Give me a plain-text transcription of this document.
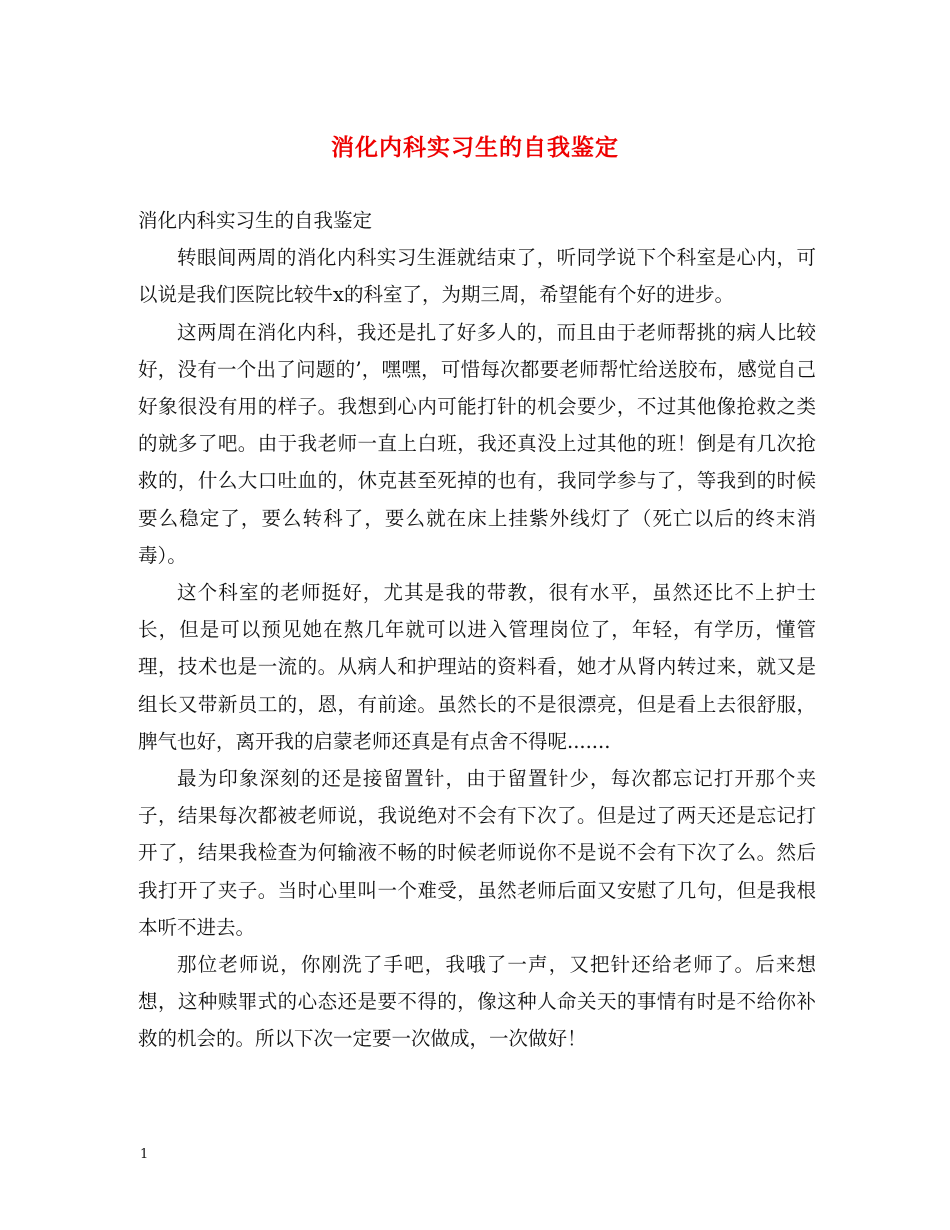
消化内科实习生的自我鉴定

消化内科实习生的自我鉴定

转眼间两周的消化内科实习生涯就结束了，听同学说下个科室是心内，可以说是我们医院比较牛x的科室了，为期三周，希望能有个好的进步。

这两周在消化内科，我还是扎了好多人的，而且由于老师帮挑的病人比较好，没有一个出了问题的’，嘿嘿，可惜每次都要老师帮忙给送胶布，感觉自己好象很没有用的样子。我想到心内可能打针的机会要少，不过其他像抢救之类的就多了吧。由于我老师一直上白班，我还真没上过其他的班！倒是有几次抢救的，什么大口吐血的，休克甚至死掉的也有，我同学参与了，等我到的时候要么稳定了，要么转科了，要么就在床上挂紫外线灯了（死亡以后的终末消毒）。

这个科室的老师挺好，尤其是我的带教，很有水平，虽然还比不上护士长，但是可以预见她在熬几年就可以进入管理岗位了，年轻，有学历，懂管理，技术也是一流的。从病人和护理站的资料看，她才从肾内转过来，就又是组长又带新员工的，恩，有前途。虽然长的不是很漂亮，但是看上去很舒服，脾气也好，离开我的启蒙老师还真是有点舍不得呢.......

最为印象深刻的还是接留置针，由于留置针少，每次都忘记打开那个夹子，结果每次都被老师说，我说绝对不会有下次了。但是过了两天还是忘记打开了，结果我检查为何输液不畅的时候老师说你不是说不会有下次了么。然后我打开了夹子。当时心里叫一个难受，虽然老师后面又安慰了几句，但是我根本听不进去。

那位老师说，你刚洗了手吧，我哦了一声，又把针还给老师了。后来想想，这种赎罪式的心态还是要不得的，像这种人命关天的事情有时是不给你补救的机会的。所以下次一定要一次做成，一次做好！

1
